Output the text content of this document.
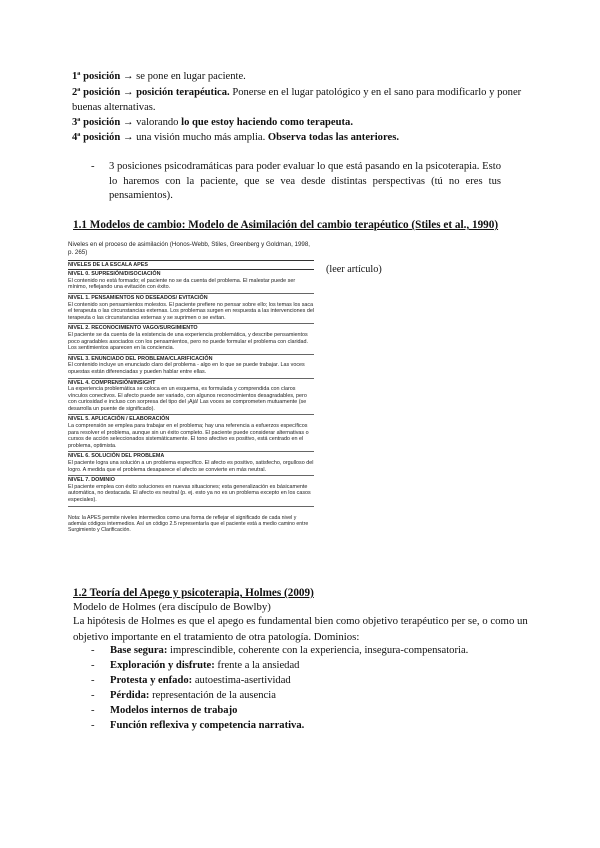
1ª posición → se pone en lugar paciente.
2ª posición → posición terapéutica. Ponerse en el lugar patológico y en el sano para modificarlo y poner buenas alternativas.
3ª posición → valorando lo que estoy haciendo como terapeuta.
4ª posición → una visión mucho más amplia. Observa todas las anteriores.
- 3 posiciones psicodramáticas para poder evaluar lo que está pasando en la psicoterapia. Esto lo haremos con la paciente, que se vea desde distintas perspectivas (tú no eres tus pensamientos).
1.1 Modelos de cambio: Modelo de Asimilación del cambio terapéutico (Stiles et al., 1990)
Niveles en el proceso de asimilación (Honos-Webb, Stiles, Greenberg y Goldman, 1998, p. 265)
NIVELES DE LA ESCALA APES
NIVEL 0. SUPRESIÓN/DISOCIACIÓN
El contenido no está formado; el paciente no se da cuenta del problema. El malestar puede ser mínimo, reflejando una evitación con éxito.
NIVEL 1. PENSAMIENTOS NO DESEADOS/ EVITACIÓN
El contenido son pensamientos molestos. El paciente prefiere no pensar sobre ello; los temas los saca el terapeuta o las circunstancias externas. Los problemas surgen en respuesta a las intervenciones del terapeuta o las circunstancias externas y se suprimen o se evitan.
NIVEL 2. RECONOCIMIENTO VAGO/SURGIMIENTO
El paciente se da cuenta de la existencia de una experiencia problemática, y describe pensamientos poco agradables asociados con los pensamientos, pero no puede formular el problema con claridad. Los sentimientos aparecen en la conciencia.
NIVEL 3. ENUNCIADO DEL PROBLEMA/CLARIFICACIÓN
El contenido incluye un enunciado claro del problema - algo en lo que se puede trabajar. Las voces opuestas están diferenciadas y pueden hablar entre ellas.
NIVEL 4. COMPRENSIÓN/INSIGHT
La experiencia problemática se coloca en un esquema, es formulada y comprendida con claros vínculos conectivos. El afecto puede ser variado, con algunos reconocimientos desagradables, pero con curiosidad e incluso con sorpresa del tipo del ¡Ajá! Las voces se comprometen mutuamente (se desarrolla un puente de significado).
NIVEL 5. APLICACIÓN / ELABORACIÓN
La comprensión se emplea para trabajar en el problema; hay una referencia a esfuerzos específicos para resolver el problema, aunque sin un éxito completo. El paciente puede considerar alternativas o cursos de acción seleccionados sistemáticamente. El tono afectivo es positivo, está centrado en el problema, optimista.
NIVEL 6. SOLUCIÓN DEL PROBLEMA
El paciente logra una solución a un problema específico. El afecto es positivo, satisfecho, orgulloso del logro. A medida que el problema desaparece el afecto se convierte en más neutral.
NIVEL 7. DOMINIO
El paciente emplea con éxito soluciones en nuevas situaciones; esta generalización es básicamente automática, no destacada. El afecto es neutral (p. ej. esto ya no es un problema excepto en los casos especiales).
Nota: la APES permite niveles intermedios como una forma de reflejar el significado de cada nivel y además códigos intermedios. Así un código 2.5 representaría que el paciente está a medio camino entre Surgimiento y Clarificación.
(leer artículo)
1.2 Teoría del Apego y psicoterapia, Holmes (2009)
Modelo de Holmes (era discípulo de Bowlby)
La hipótesis de Holmes es que el apego es fundamental bien como objetivo terapéutico per se, o como un objetivo importante en el tratamiento de otra patología. Dominios:
- Base segura: imprescindible, coherente con la experiencia, insegura-compensatoria.
- Exploración y disfrute: frente a la ansiedad
- Protesta y enfado: autoestima-asertividad
- Pérdida: representación de la ausencia
- Modelos internos de trabajo
- Función reflexiva y competencia narrativa.
